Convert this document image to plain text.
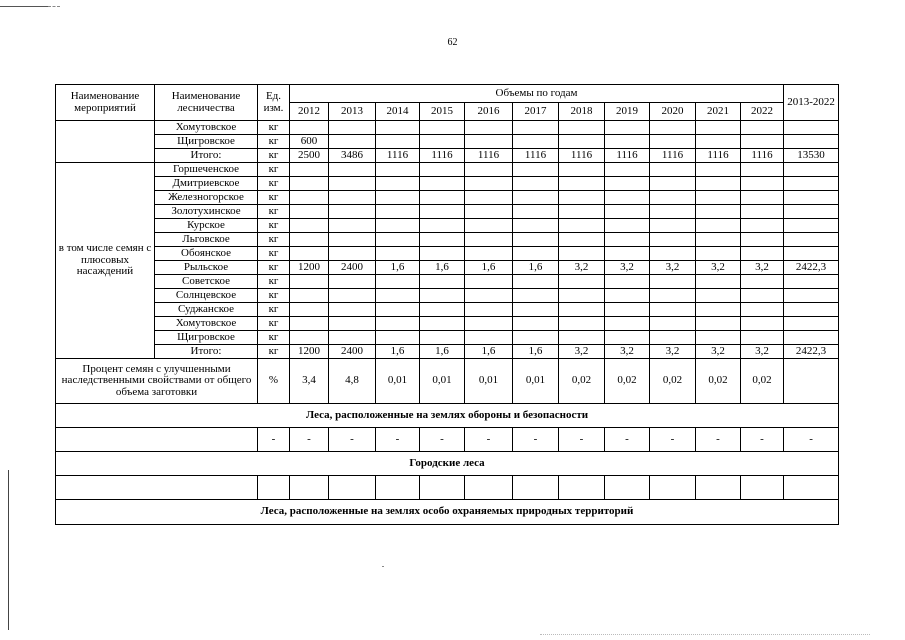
62
Наименование мероприятий	Наименование лесничества	Ед. изм.	Объемы по годам											2013-2022
			2012	2013	2014	2015	2016	2017	2018	2019	2020	2021	2022	
	Хомутовское	кг												
	Щигровское	кг	600											
	Итого:	кг	2500	3486	1116	1116	1116	1116	1116	1116	1116	1116	1116	13530
в том числе семян с плюсовых насаждений	Горшеченское	кг												
	Дмитриевское	кг												
	Железногорское	кг												
	Золотухинское	кг												
	Курское	кг												
	Льговское	кг												
	Обоянское	кг												
	Рыльское	кг	1200	2400	1,6	1,6	1,6	1,6	3,2	3,2	3,2	3,2	3,2	2422,3
	Советское	кг												
	Солнцевское	кг												
	Суджанское	кг												
	Хомутовское	кг												
	Щигровское	кг												
	Итого:	кг	1200	2400	1,6	1,6	1,6	1,6	3,2	3,2	3,2	3,2	3,2	2422,3
Процент семян с улучшенными наследственными свойствами от общего объема заготовки		%	3,4	4,8	0,01	0,01	0,01	0,01	0,02	0,02	0,02	0,02	0,02	
Леса, расположенные на землях обороны и безопасности														
		-	-	-	-	-	-	-	-	-	-	-	-	-
Городские леса														

Леса, расположенные на землях особо охраняемых природных территорий														
